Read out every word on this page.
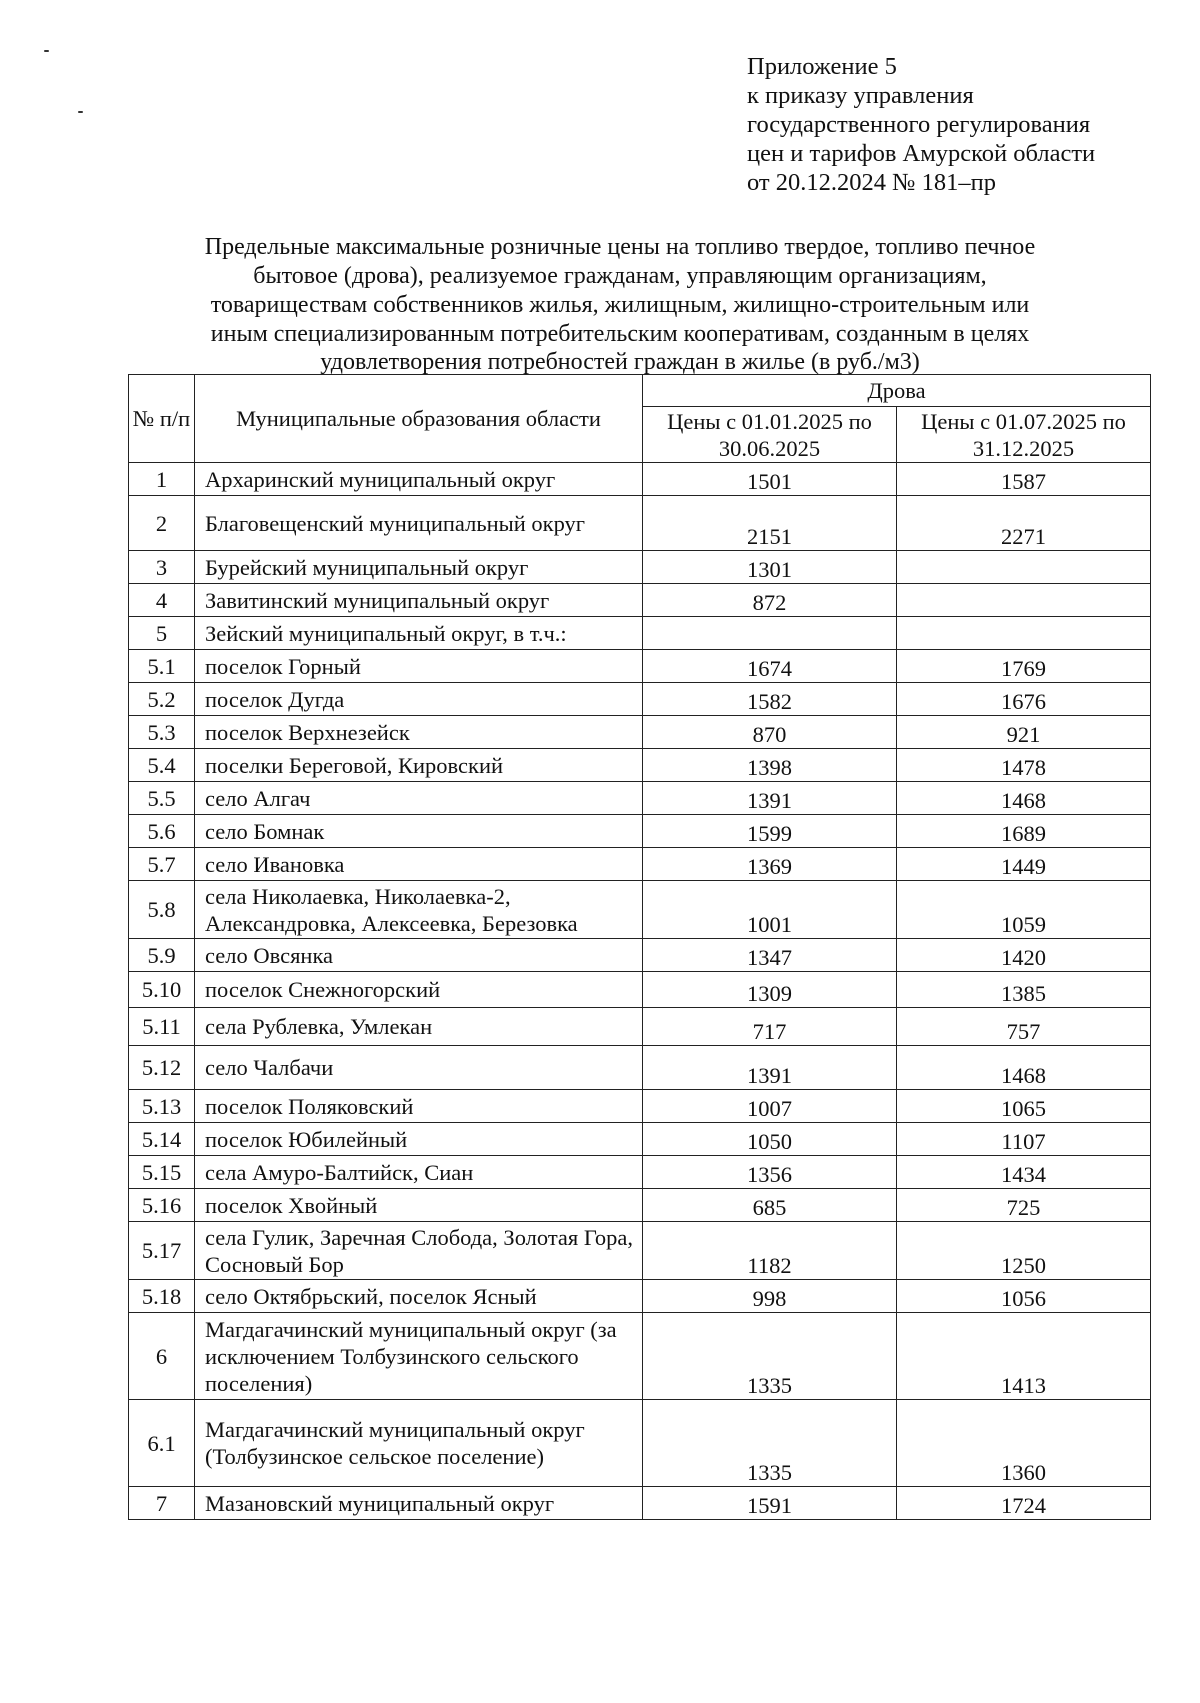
Приложение 5
к приказу управления
государственного регулирования
цен и тарифов Амурской области
от 20.12.2024 № 181–пр
Предельные максимальные розничные цены на топливо твердое, топливо печное
бытовое (дрова), реализуемое гражданам, управляющим организациям,
товариществам собственников жилья, жилищным, жилищно-строительным или
иным специализированным потребительским кооперативам, созданным в целях
удовлетворения потребностей граждан в жилье (в руб./м3)
№ п/п	Муниципальные образования области	Дрова	
		Цены с 01.01.2025 по 30.06.2025	Цены с 01.07.2025 по 31.12.2025
1	Архаринский муниципальный округ	1501	1587
2	Благовещенский муниципальный округ	2151	2271
3	Бурейский муниципальный округ	1301	
4	Завитинский муниципальный округ	872	
5	Зейский муниципальный округ, в т.ч.:		
5.1	поселок Горный	1674	1769
5.2	поселок Дугда	1582	1676
5.3	поселок Верхнезейск	870	921
5.4	поселки Береговой, Кировский	1398	1478
5.5	село Алгач	1391	1468
5.6	село Бомнак	1599	1689
5.7	село Ивановка	1369	1449
5.8	села Николаевка, Николаевка-2, Александровка, Алексеевка, Березовка	1001	1059
5.9	село Овсянка	1347	1420
5.10	поселок Снежногорский	1309	1385
5.11	села Рублевка, Умлекан	717	757
5.12	село Чалбачи	1391	1468
5.13	поселок Поляковский	1007	1065
5.14	поселок Юбилейный	1050	1107
5.15	села Амуро-Балтийск, Сиан	1356	1434
5.16	поселок Хвойный	685	725
5.17	села Гулик, Заречная Слобода, Золотая Гора, Сосновый Бор	1182	1250
5.18	село Октябрьский, поселок Ясный	998	1056
6	Магдагачинский муниципальный округ (за исключением Толбузинского сельского поселения)	1335	1413
6.1	Магдагачинский муниципальный округ (Толбузинское сельское поселение)	1335	1360
7	Мазановский муниципальный округ	1591	1724
